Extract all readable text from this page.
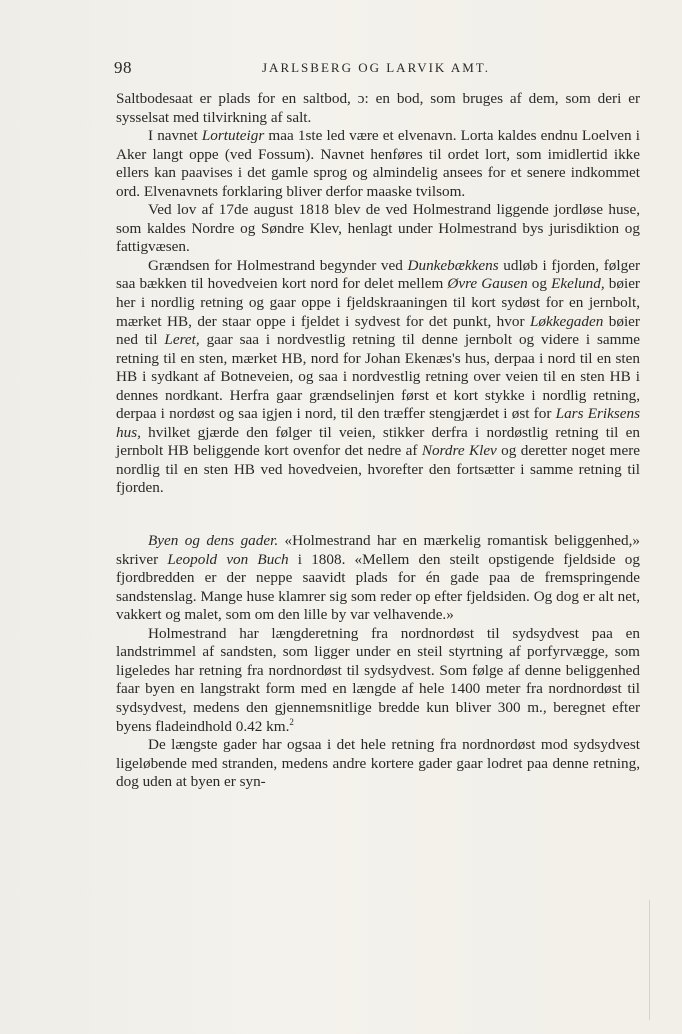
98	JARLSBERG OG LARVIK AMT.

Saltbodesaat er plads for en saltbod, ɔ: en bod, som bruges af dem, som deri er sysselsat med tilvirkning af salt.

I navnet Lortuteigr maa 1ste led være et elvenavn. Lorta kaldes endnu Loelven i Aker langt oppe (ved Fossum). Navnet henføres til ordet lort, som imidlertid ikke ellers kan paavises i det gamle sprog og almindelig ansees for et senere indkommet ord. Elvenavnets forklaring bliver derfor maaske tvilsom.

Ved lov af 17de august 1818 blev de ved Holmestrand liggende jordløse huse, som kaldes Nordre og Søndre Klev, henlagt under Holmestrand bys jurisdiktion og fattigvæsen.

Grændsen for Holmestrand begynder ved Dunkebækkens udløb i fjorden, følger saa bækken til hovedveien kort nord for delet mellem Øvre Gausen og Ekelund, bøier her i nordlig retning og gaar oppe i fjeldskraaningen til kort sydøst for en jernbolt, mærket HB, der staar oppe i fjeldet i sydvest for det punkt, hvor Løkkegaden bøier ned til Leret, gaar saa i nordvestlig retning til denne jernbolt og videre i samme retning til en sten, mærket HB, nord for Johan Ekenæs's hus, derpaa i nord til en sten HB i sydkant af Botneveien, og saa i nordvestlig retning over veien til en sten HB i dennes nordkant. Herfra gaar grændselinjen først et kort stykke i nordlig retning, derpaa i nordøst og saa igjen i nord, til den træffer stengjærdet i øst for Lars Eriksens hus, hvilket gjærde den følger til veien, stikker derfra i nordøstlig retning til en jernbolt HB beliggende kort ovenfor det nedre af Nordre Klev og deretter noget mere nordlig til en sten HB ved hovedveien, hvorefter den fortsætter i samme retning til fjorden.

Byen og dens gader. «Holmestrand har en mærkelig romantisk beliggenhed,» skriver Leopold von Buch i 1808. «Mellem den steilt opstigende fjeldside og fjordbredden er der neppe saavidt plads for én gade paa de fremspringende sandstenslag. Mange huse klamrer sig som reder op efter fjeldsiden. Og dog er alt net, vakkert og malet, som om den lille by var velhavende.»

Holmestrand har længderetning fra nordnordøst til sydsydvest paa en landstrimmel af sandsten, som ligger under en steil styrtning af porfyrvægge, som ligeledes har retning fra nordnordøst til sydsydvest. Som følge af denne beliggenhed faar byen en langstrakt form med en længde af hele 1400 meter fra nordnordøst til sydsydvest, medens den gjennemsnitlige bredde kun bliver 300 m., beregnet efter byens fladeindhold 0.42 km.$^2$

De længste gader har ogsaa i det hele retning fra nordnordøst mod sydsydvest ligeløbende med stranden, medens andre kortere gader gaar lodret paa denne retning, dog uden at byen er syn-
